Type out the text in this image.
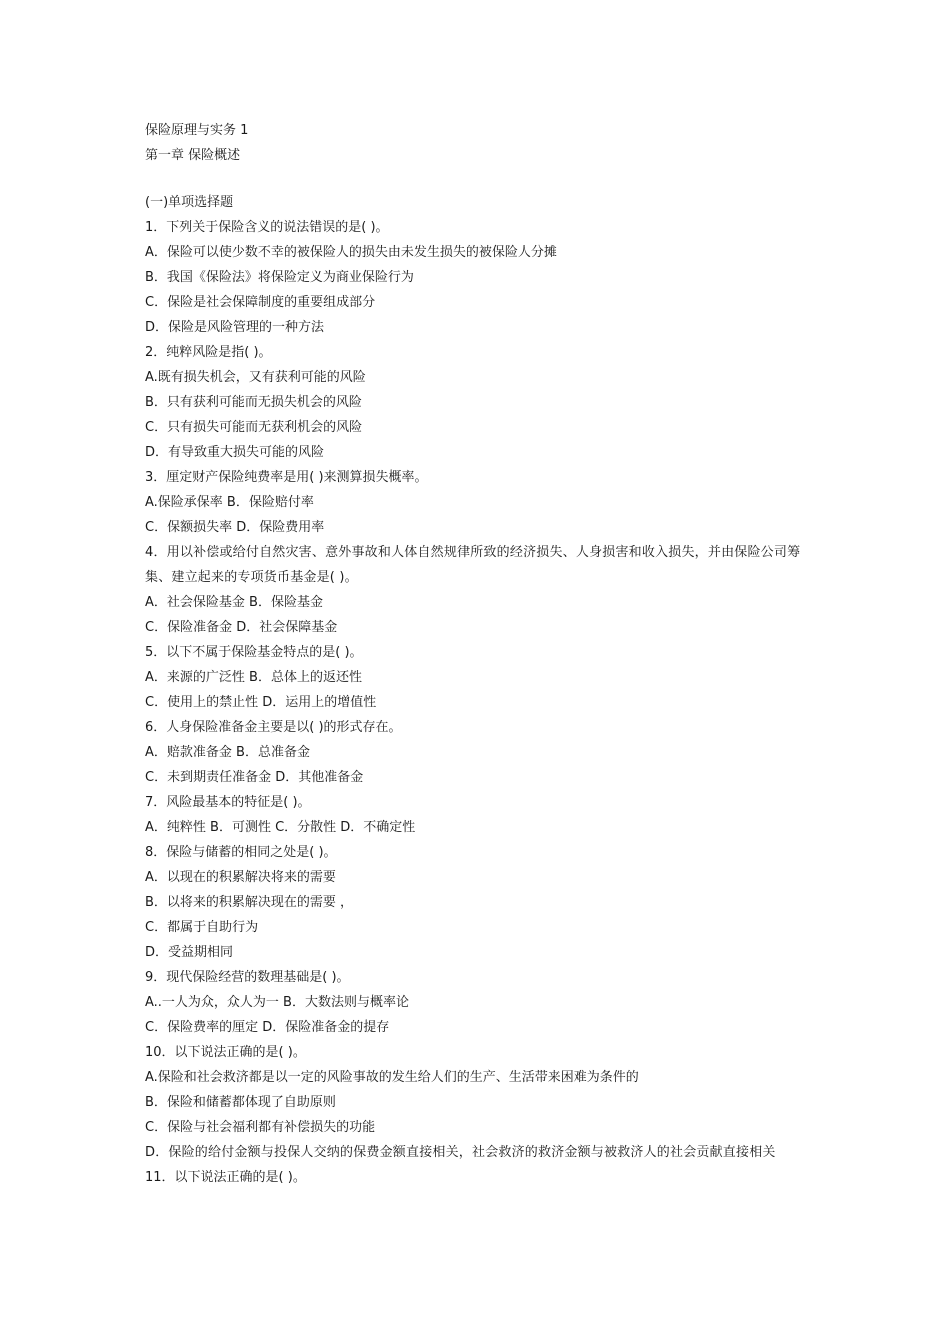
保险原理与实务 1
第一章 保险概述
(一)单项选择题
1．下列关于保险含义的说法错误的是( )。
A．保险可以使少数不幸的被保险人的损失由未发生损失的被保险人分摊
B．我国《保险法》将保险定义为商业保险行为
C．保险是社会保障制度的重要组成部分
D．保险是风险管理的一种方法
2．纯粹风险是指( )。
A.既有损失机会，又有获利可能的风险
B．只有获利可能而无损失机会的风险
C．只有损失可能而无获利机会的风险
D．有导致重大损失可能的风险
3．厘定财产保险纯费率是用( )来测算损失概率。
A.保险承保率 B．保险赔付率
C．保额损失率 D．保险费用率
4．用以补偿或给付自然灾害、意外事故和人体自然规律所致的经济损失、人身损害和收入损失，并由保险公司筹集、建立起来的专项货币基金是( )。
A．社会保险基金 B．保险基金
C．保险准备金 D．社会保障基金
5．以下不属于保险基金特点的是( )。
A．来源的广泛性 B．总体上的返还性
C．使用上的禁止性 D．运用上的增值性
6．人身保险准备金主要是以( )的形式存在。
A．赔款准备金 B．总准备金
C．未到期责任准备金 D．其他准备金
7．风险最基本的特征是( )。
A．纯粹性 B．可测性 C．分散性 D．不确定性
8．保险与储蓄的相同之处是( )。
A．以现在的积累解决将来的需要
B．以将来的积累解决现在的需要 ，
C．都属于自助行为
D．受益期相同
9．现代保险经营的数理基础是( )。
A..一人为众，众人为一 B．大数法则与概率论
C．保险费率的厘定 D．保险准备金的提存
10．以下说法正确的是( )。
A.保险和社会救济都是以一定的风险事故的发生给人们的生产、生活带来困难为条件的
B．保险和储蓄都体现了自助原则
C．保险与社会福利都有补偿损失的功能
D．保险的给付金额与投保人交纳的保费金额直接相关，社会救济的救济金额与被救济人的社会贡献直接相关
11．以下说法正确的是( )。
